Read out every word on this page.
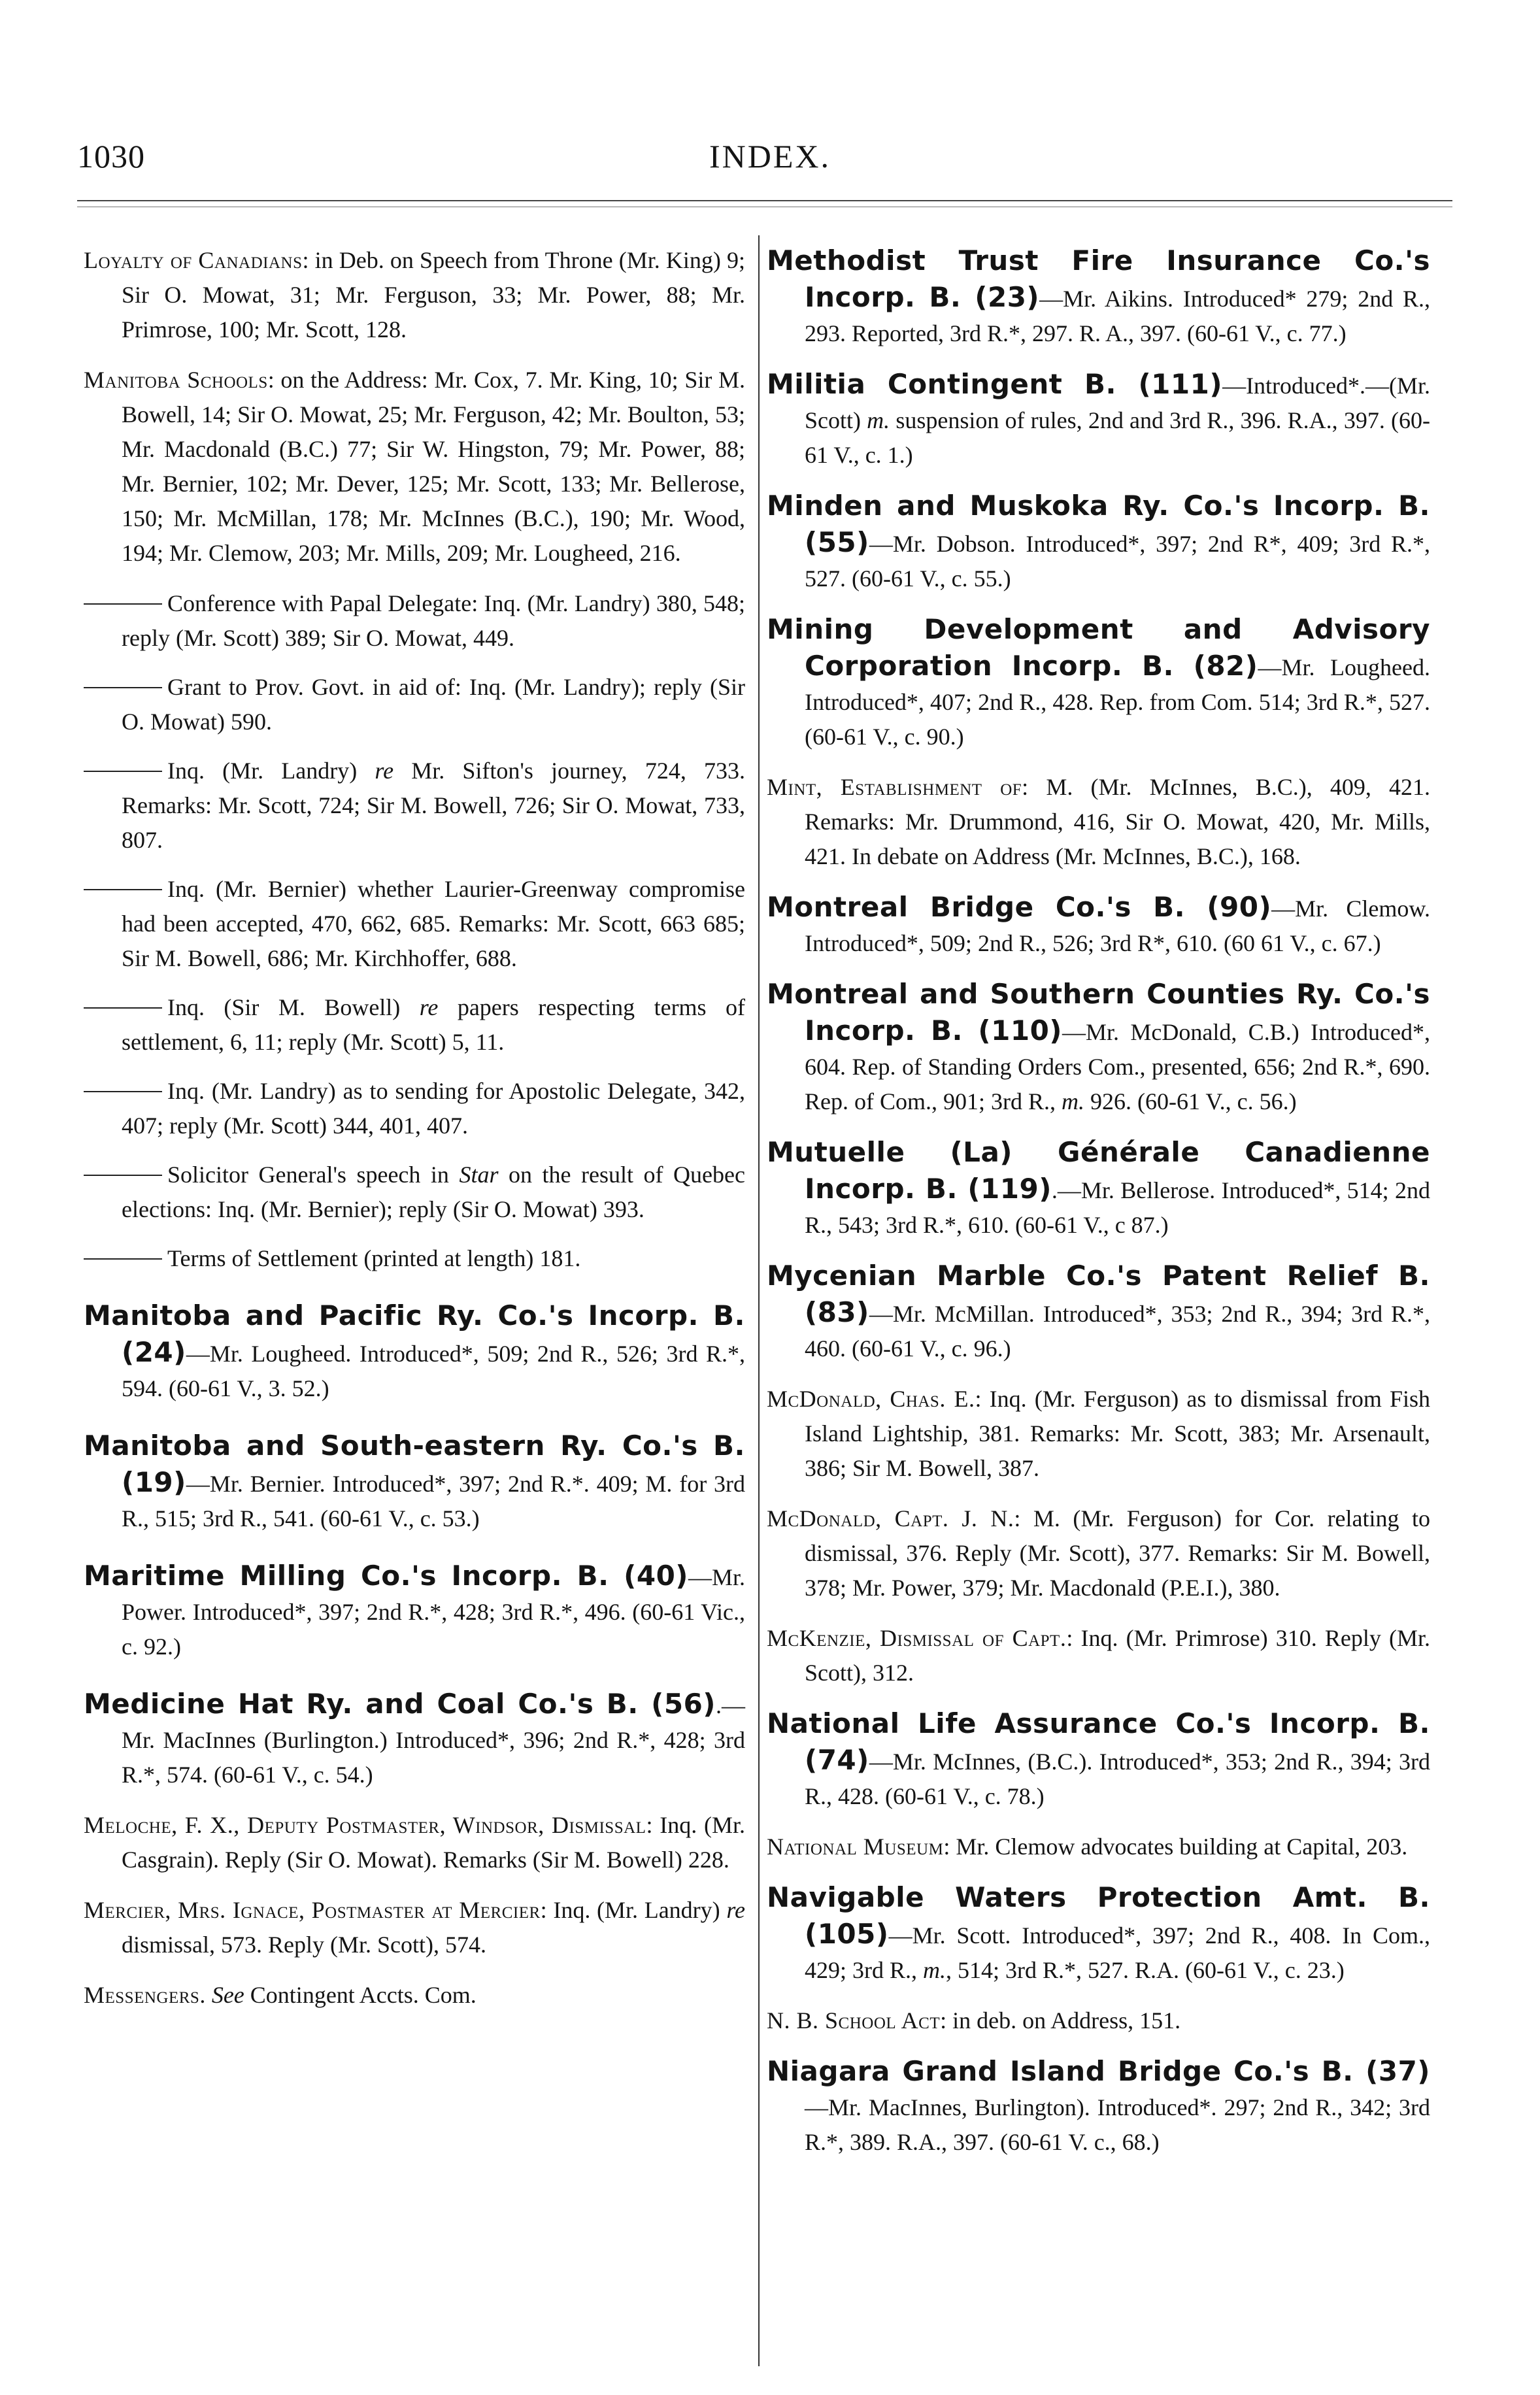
1030	INDEX.

Loyalty of Canadians: in Deb. on Speech from Throne (Mr. King) 9; Sir O. Mowat, 31; Mr. Ferguson, 33; Mr. Power, 88; Mr. Primrose, 100; Mr. Scott, 128.

Manitoba Schools: on the Address: Mr. Cox, 7. Mr. King, 10; Sir M. Bowell, 14; Sir O. Mowat, 25; Mr. Ferguson, 42; Mr. Boulton, 53; Mr. Macdonald (B.C.) 77; Sir W. Hingston, 79; Mr. Power, 88; Mr. Bernier, 102; Mr. Dever, 125; Mr. Scott, 133; Mr. Bellerose, 150; Mr. McMillan, 178; Mr. McInnes (B.C.), 190; Mr. Wood, 194; Mr. Clemow, 203; Mr. Mills, 209; Mr. Lougheed, 216.

Conference with Papal Delegate: Inq. (Mr. Landry) 380, 548; reply (Mr. Scott) 389; Sir O. Mowat, 449.

Grant to Prov. Govt. in aid of: Inq. (Mr. Landry); reply (Sir O. Mowat) 590.

Inq. (Mr. Landry) re Mr. Sifton's journey, 724, 733. Remarks: Mr. Scott, 724; Sir M. Bowell, 726; Sir O. Mowat, 733, 807.

Inq. (Mr. Bernier) whether Laurier-Greenway compromise had been accepted, 470, 662, 685. Remarks: Mr. Scott, 663 685; Sir M. Bowell, 686; Mr. Kirchhoffer, 688.

Inq. (Sir M. Bowell) re papers respecting terms of settlement, 6, 11; reply (Mr. Scott) 5, 11.

Inq. (Mr. Landry) as to sending for Apostolic Delegate, 342, 407; reply (Mr. Scott) 344, 401, 407.

Solicitor General's speech in Star on the result of Quebec elections: Inq. (Mr. Bernier); reply (Sir O. Mowat) 393.

Terms of Settlement (printed at length) 181.

Manitoba and Pacific Ry. Co.'s Incorp. B. (24)—Mr. Lougheed. Introduced*, 509; 2nd R., 526; 3rd R.*, 594. (60-61 V., 3. 52.)

Manitoba and South-eastern Ry. Co.'s B. (19)—Mr. Bernier. Introduced*, 397; 2nd R.*. 409; M. for 3rd R., 515; 3rd R., 541. (60-61 V., c. 53.)

Maritime Milling Co.'s Incorp. B. (40)—Mr. Power. Introduced*, 397; 2nd R.*, 428; 3rd R.*, 496. (60-61 Vic., c. 92.)

Medicine Hat Ry. and Coal Co.'s B. (56).—Mr. MacInnes (Burlington.) Introduced*, 396; 2nd R.*, 428; 3rd R.*, 574. (60-61 V., c. 54.)

Meloche, F. X., Deputy Postmaster, Windsor, Dismissal: Inq. (Mr. Casgrain). Reply (Sir O. Mowat). Remarks (Sir M. Bowell) 228.

Mercier, Mrs. Ignace, Postmaster at Mercier: Inq. (Mr. Landry) re dismissal, 573. Reply (Mr. Scott), 574.

Messengers. See Contingent Accts. Com.

Methodist Trust Fire Insurance Co.'s Incorp. B. (23)—Mr. Aikins. Introduced* 279; 2nd R., 293. Reported, 3rd R.*, 297. R. A., 397. (60-61 V., c. 77.)

Militia Contingent B. (111)—Introduced*.—(Mr. Scott) m. suspension of rules, 2nd and 3rd R., 396. R.A., 397. (60-61 V., c. 1.)

Minden and Muskoka Ry. Co.'s Incorp. B. (55)—Mr. Dobson. Introduced*, 397; 2nd R*, 409; 3rd R.*, 527. (60-61 V., c. 55.)

Mining Development and Advisory Corporation Incorp. B. (82)—Mr. Lougheed. Introduced*, 407; 2nd R., 428. Rep. from Com. 514; 3rd R.*, 527. (60-61 V., c. 90.)

Mint, Establishment of: M. (Mr. McInnes, B.C.), 409, 421. Remarks: Mr. Drummond, 416, Sir O. Mowat, 420, Mr. Mills, 421. In debate on Address (Mr. McInnes, B.C.), 168.

Montreal Bridge Co.'s B. (90)—Mr. Clemow. Introduced*, 509; 2nd R., 526; 3rd R*, 610. (60 61 V., c. 67.)

Montreal and Southern Counties Ry. Co.'s Incorp. B. (110)—Mr. McDonald, C.B.) Introduced*, 604. Rep. of Standing Orders Com., presented, 656; 2nd R.*, 690. Rep. of Com., 901; 3rd R., m. 926. (60-61 V., c. 56.)

Mutuelle (La) Générale Canadienne Incorp. B. (119).—Mr. Bellerose. Introduced*, 514; 2nd R., 543; 3rd R.*, 610. (60-61 V., c 87.)

Mycenian Marble Co.'s Patent Relief B. (83)—Mr. McMillan. Introduced*, 353; 2nd R., 394; 3rd R.*, 460. (60-61 V., c. 96.)

McDonald, Chas. E.: Inq. (Mr. Ferguson) as to dismissal from Fish Island Lightship, 381. Remarks: Mr. Scott, 383; Mr. Arsenault, 386; Sir M. Bowell, 387.

McDonald, Capt. J. N.: M. (Mr. Ferguson) for Cor. relating to dismissal, 376. Reply (Mr. Scott), 377. Remarks: Sir M. Bowell, 378; Mr. Power, 379; Mr. Macdonald (P.E.I.), 380.

McKenzie, Dismissal of Capt.: Inq. (Mr. Primrose) 310. Reply (Mr. Scott), 312.

National Life Assurance Co.'s Incorp. B. (74)—Mr. McInnes, (B.C.). Introduced*, 353; 2nd R., 394; 3rd R., 428. (60-61 V., c. 78.)

National Museum: Mr. Clemow advocates building at Capital, 203.

Navigable Waters Protection Amt. B. (105)—Mr. Scott. Introduced*, 397; 2nd R., 408. In Com., 429; 3rd R., m., 514; 3rd R.*, 527. R.A. (60-61 V., c. 23.)

N. B. School Act: in deb. on Address, 151.

Niagara Grand Island Bridge Co.'s B. (37)—Mr. MacInnes, Burlington). Introduced*. 297; 2nd R., 342; 3rd R.*, 389. R.A., 397. (60-61 V. c., 68.)
